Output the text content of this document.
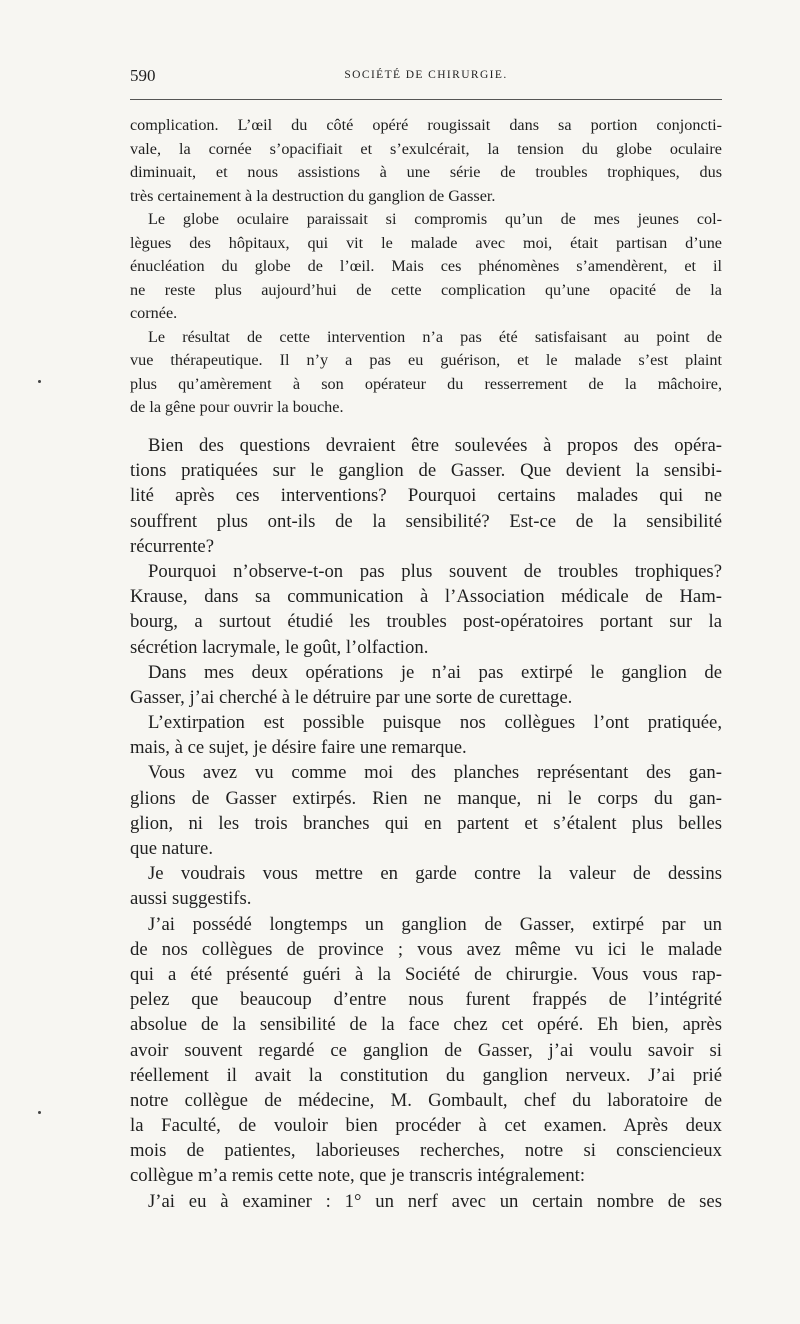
590	SOCIÉTÉ DE CHIRURGIE.
complication. L’œil du côté opéré rougissait dans sa portion conjoncti-
vale, la cornée s’opacifiait et s’exulcérait, la tension du globe oculaire
diminuait, et nous assistions à une série de troubles trophiques, dus
très certainement à la destruction du ganglion de Gasser.
Le globe oculaire paraissait si compromis qu’un de mes jeunes col-
lègues des hôpitaux, qui vit le malade avec moi, était partisan d’une
énucléation du globe de l’œil. Mais ces phénomènes s’amendèrent, et il
ne reste plus aujourd’hui de cette complication qu’une opacité de la
cornée.
Le résultat de cette intervention n’a pas été satisfaisant au point de
vue thérapeutique. Il n’y a pas eu guérison, et le malade s’est plaint
plus qu’amèrement à son opérateur du resserrement de la mâchoire,
de la gêne pour ouvrir la bouche.
Bien des questions devraient être soulevées à propos des opéra-
tions pratiquées sur le ganglion de Gasser. Que devient la sensibi-
lité après ces interventions? Pourquoi certains malades qui ne
souffrent plus ont-ils de la sensibilité? Est-ce de la sensibilité
récurrente?
Pourquoi n’observe-t-on pas plus souvent de troubles trophiques?
Krause, dans sa communication à l’Association médicale de Ham-
bourg, a surtout étudié les troubles post-opératoires portant sur la
sécrétion lacrymale, le goût, l’olfaction.
Dans mes deux opérations je n’ai pas extirpé le ganglion de
Gasser, j’ai cherché à le détruire par une sorte de curettage.
L’extirpation est possible puisque nos collègues l’ont pratiquée,
mais, à ce sujet, je désire faire une remarque.
Vous avez vu comme moi des planches représentant des gan-
glions de Gasser extirpés. Rien ne manque, ni le corps du gan-
glion, ni les trois branches qui en partent et s’étalent plus belles
que nature.
Je voudrais vous mettre en garde contre la valeur de dessins
aussi suggestifs.
J’ai possédé longtemps un ganglion de Gasser, extirpé par un
de nos collègues de province ; vous avez même vu ici le malade
qui a été présenté guéri à la Société de chirurgie. Vous vous rap-
pelez que beaucoup d’entre nous furent frappés de l’intégrité
absolue de la sensibilité de la face chez cet opéré. Eh bien, après
avoir souvent regardé ce ganglion de Gasser, j’ai voulu savoir si
réellement il avait la constitution du ganglion nerveux. J’ai prié
notre collègue de médecine, M. Gombault, chef du laboratoire de
la Faculté, de vouloir bien procéder à cet examen. Après deux
mois de patientes, laborieuses recherches, notre si consciencieux
collègue m’a remis cette note, que je transcris intégralement:
J’ai eu à examiner : 1° un nerf avec un certain nombre de ses
